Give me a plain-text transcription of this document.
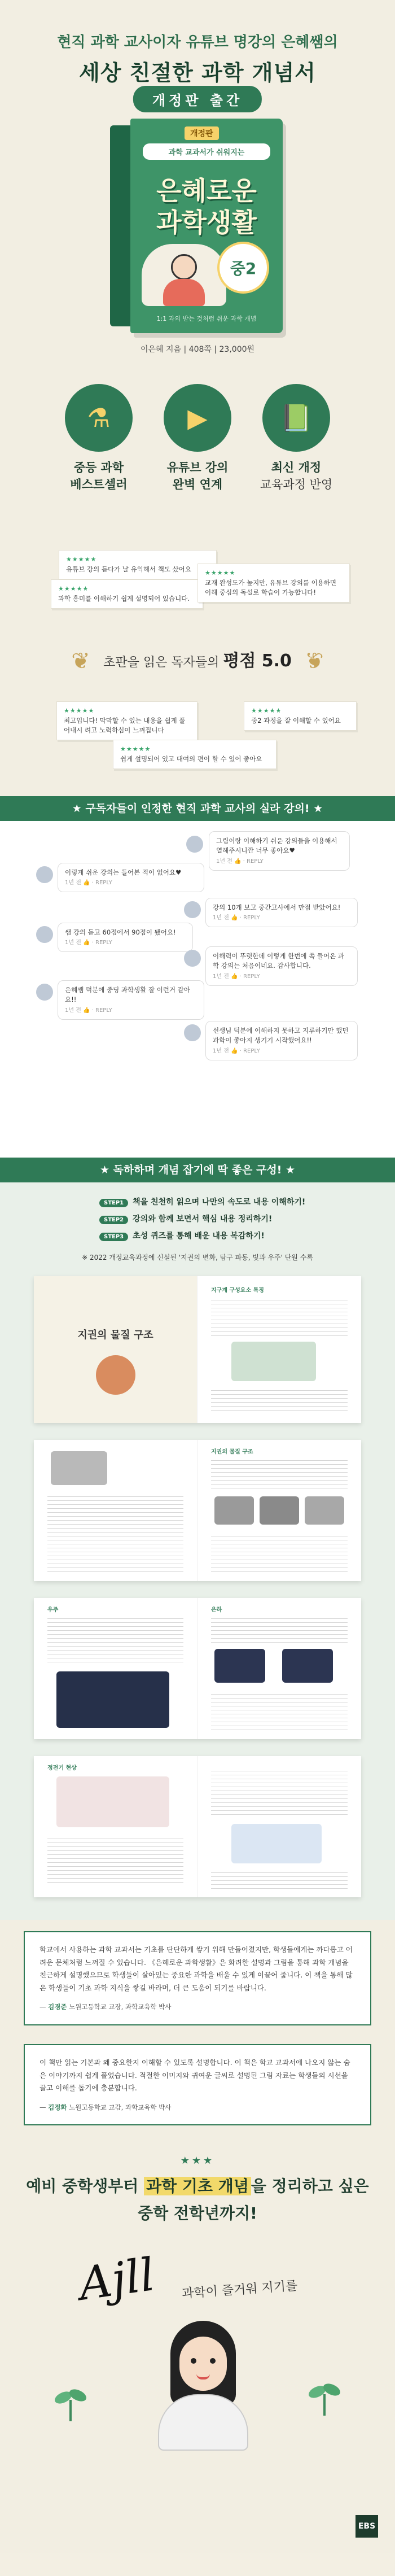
현직 과학 교사이자 유튜브 명강의 은혜쌤의
세상 친절한 과학 개념서
개정판 출간
개정판
과학 교과서가 쉬워지는
은혜로운
과학생활
중2
1:1 과외 받는 것처럼 쉬운 과학 개념
이은혜 지음 | 408쪽 | 23,000원
⚗
중등 과학
베스트셀러
▶
유튜브 강의
완벽 연계
📗
최신 개정
교육과정 반영
★★★★★
유튜브 강의 듣다가 날 유익해서 책도 샀어요
★★★★★
과학 흥미를 이해하기 쉽게 설명되어 있습니다.
★★★★★
교재 완성도가 높지만, 유튜브 강의를 이용하면 이해 중심의 독설로 학습이 가능합니다!
❦	초판을 읽은 독자들의 평점 5.0 ❦
★★★★★
최고입니다! 막막할 수 있는 내용을 쉽게 풀어내시 려고 노력하심이 느껴집니다
★★★★★
중2 과정을 잘 이해할 수 있어요
★★★★★
쉽게 설명되어 있고 대여의 편이 할 수 있어 좋아요
★ 구독자들이 인정한 현직 과학 교사의 실라 강의! ★
그림이랑 이해하기 쉬운 강의들을 이용해서 열해주시니깐 너무 좋아요♥
1년 전 👍 · REPLY
이렇게 쉬운 강의는 들어본 적이 없어요♥
1년 전 👍 · REPLY
강의 10개 보고 중간고사에서 만점 받았어요!
1년 전 👍 · REPLY
쌤 강의 듣고 60점에서 90점이 됐어요!
1년 전 👍 · REPLY
이해력이 뚜렷한데 이렇게 한번에 쏙 들어온 과학 강의는 처음이네요. 감사합니다.
1년 전 👍 · REPLY
은혜쌤 덕분에 중딩 과학생활 잘 이런거 같아요!!
1년 전 👍 · REPLY
선생님 덕분에 이해하지 못하고 지루하기만 했던 과학이 좋아지 생기기 시작했어요!!
1년 전 👍 · REPLY
★ 독하하며 개념 잡기에 딱 좋은 구성! ★
STEP1 책을 친천히 읽으며 나만의 속도로 내용 이해하기!
STEP2 강의와 함께 보면서 핵심 내용 정리하기!
STEP3 초성 퀴즈를 통해 배운 내용 복감하기!
※ 2022 개정교육과정에 신설된 '지권의 변화, 탐구 파동, 빛과 우주' 단원 수록
지권의 물질 구조
지구계 구성요소 특징
지권의 물질 구조
우주	은하
정전기 현상
학교에서 사용하는 과학 교과서는 기초를 단단하게 쌓기 위해 만들어졌지만, 학생들에게는 까다롭고 어려운 문체처럼 느껴질 수 있습니다. 《은혜로운 과학생활》은 화려한 설명과 그림을 통해 과학 개념을 친근하게 설명했으므로 학생들이 살아있는 중요한 과학을 배울 수 있게 이끌어 줍니다. 이 책을 통해 많은 학생들이 기초 과학 지식을 쌓길 바라며, 더 큰 도움이 되기를 바랍니다.
— 김경준 노원고등학교 교장, 과학교육학 박사
이 책만 읽는 기본과 왜 중요한지 이해할 수 있도록 설명합니다. 이 책은 학교 교과서에 나오지 않는 숨은 이야기까지 쉽게 풀었습니다. 적절한 이미지와 귀여운 글씨로 설명된 그림 자료는 학생들의 시선을 끌고 이해를 돕기에 충분합니다.
— 김정화 노원고등학교 교감, 과학교육학 박사
★★★
예비 중학생부터 과학 기초 개념 을 정리하고 싶은
중학 전학년까지!
Ajll 과학이 즐거워 지기를
EBS
